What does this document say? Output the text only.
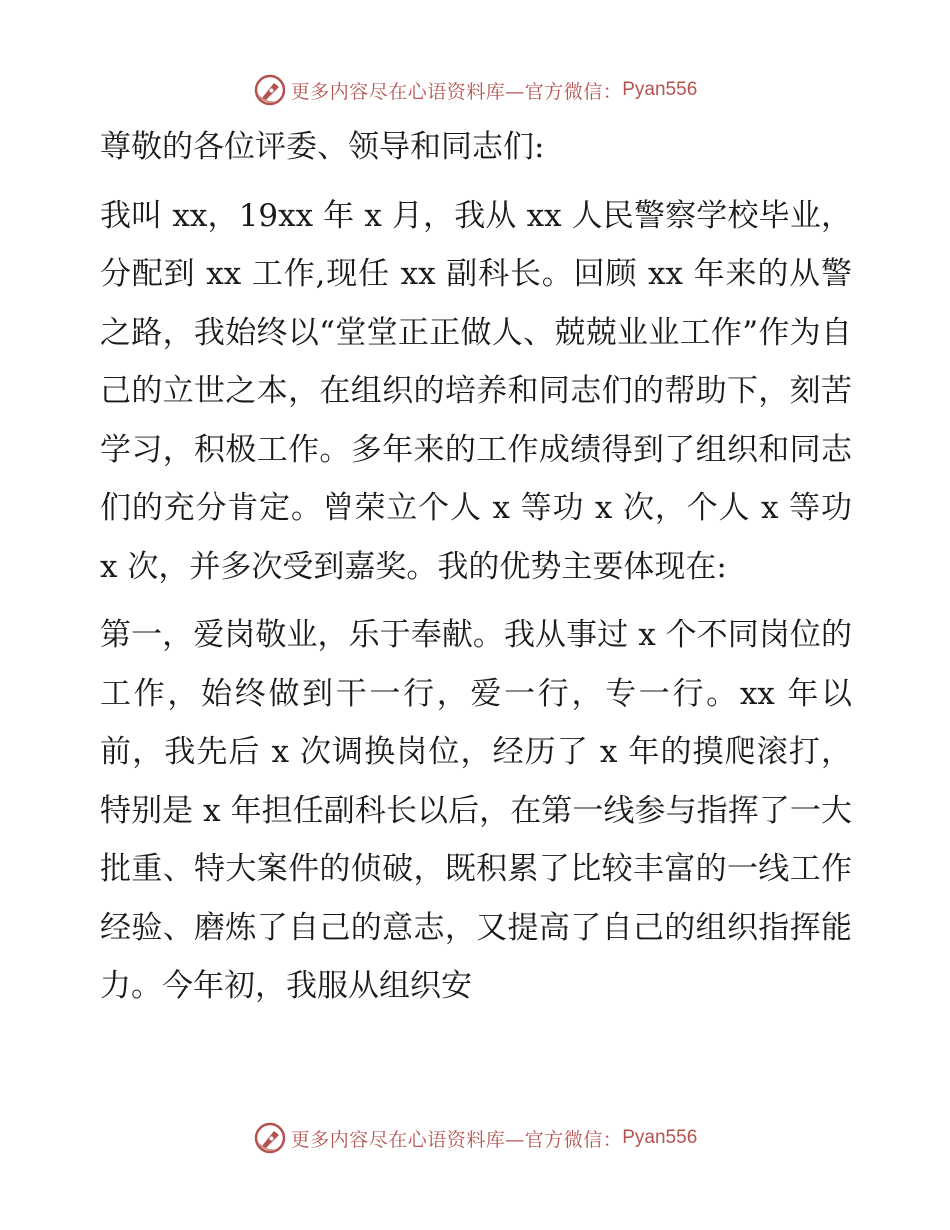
更多内容尽在心语资料库—官方微信： Pyan556

尊敬的各位评委、领导和同志们:

我叫 xx，19xx 年 x 月，我从 xx 人民警察学校毕业，分配到 xx 工作,现任 xx 副科长。回顾 xx 年来的从警之路，我始终以“堂堂正正做人、兢兢业业工作”作为自己的立世之本，在组织的培养和同志们的帮助下，刻苦学习，积极工作。多年来的工作成绩得到了组织和同志们的充分肯定。曾荣立个人 x 等功 x 次，个人 x 等功 x 次，并多次受到嘉奖。我的优势主要体现在:

第一，爱岗敬业，乐于奉献。我从事过 x 个不同岗位的工作，始终做到干一行，爱一行，专一行。xx 年以前，我先后 x 次调换岗位，经历了 x 年的摸爬滚打，特别是 x 年担任副科长以后，在第一线参与指挥了一大批重、特大案件的侦破，既积累了比较丰富的一线工作经验、磨炼了自己的意志，又提高了自己的组织指挥能力。今年初，我服从组织安

更多内容尽在心语资料库—官方微信： Pyan556
